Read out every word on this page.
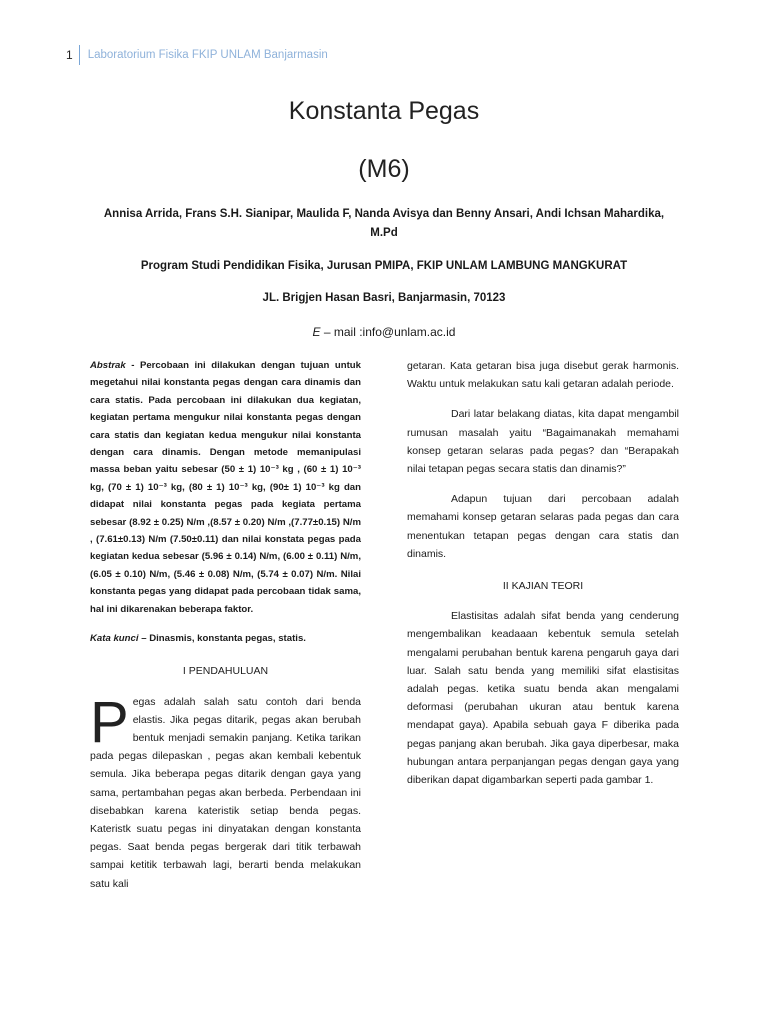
1 Laboratorium Fisika FKIP UNLAM Banjarmasin
Konstanta Pegas
(M6)
Annisa Arrida, Frans S.H. Sianipar, Maulida F, Nanda Avisya dan Benny Ansari, Andi Ichsan Mahardika, M.Pd
Program Studi Pendidikan Fisika, Jurusan PMIPA, FKIP UNLAM LAMBUNG MANGKURAT
JL. Brigjen Hasan Basri, Banjarmasin, 70123
E – mail :info@unlam.ac.id

Abstrak - Percobaan ini dilakukan dengan tujuan untuk megetahui nilai konstanta pegas dengan cara dinamis dan cara statis. Pada percobaan ini dilakukan dua kegiatan, kegiatan pertama mengukur nilai konstanta pegas dengan cara statis dan kegiatan kedua mengukur nilai konstanta dengan cara dinamis. Dengan metode memanipulasi massa beban yaitu sebesar (50 ± 1) 10⁻³ kg , (60 ± 1) 10⁻³ kg, (70 ± 1) 10⁻³ kg, (80 ± 1) 10⁻³ kg, (90± 1) 10⁻³ kg dan didapat nilai konstanta pegas pada kegiata pertama sebesar (8.92 ± 0.25) N/m ,(8.57 ± 0.20) N/m ,(7.77±0.15) N/m , (7.61±0.13) N/m (7.50±0.11) dan nilai konstata pegas pada kegiatan kedua sebesar (5.96 ± 0.14) N/m, (6.00 ± 0.11) N/m, (6.05 ± 0.10) N/m, (5.46 ± 0.08) N/m, (5.74 ± 0.07) N/m. Nilai konstanta pegas yang didapat pada percobaan tidak sama, hal ini dikarenakan beberapa faktor.

Kata kunci – Dinasmis, konstanta pegas, statis.

I PENDAHULUAN

Pegas adalah salah satu contoh dari benda elastis. Jika pegas ditarik, pegas akan berubah bentuk menjadi semakin panjang. Ketika tarikan pada pegas dilepaskan , pegas akan kembali kebentuk semula. Jika beberapa pegas ditarik dengan gaya yang sama, pertambahan pegas akan berbeda. Perbendaan ini disebabkan karena kateristik setiap benda pegas. Kateristk suatu pegas ini dinyatakan dengan konstanta pegas. Saat benda pegas bergerak dari titik terbawah sampai ketitik terbawah lagi, berarti benda melakukan satu kali

getaran. Kata getaran bisa juga disebut gerak harmonis. Waktu untuk melakukan satu kali getaran adalah periode.

Dari latar belakang diatas, kita dapat mengambil rumusan masalah yaitu “Bagaimanakah memahami konsep getaran selaras pada pegas? dan “Berapakah nilai tetapan pegas secara statis dan dinamis?”

Adapun tujuan dari percobaan adalah memahami konsep getaran selaras pada pegas dan cara menentukan tetapan pegas dengan cara statis dan dinamis.

II KAJIAN TEORI

Elastisitas adalah sifat benda yang cenderung mengembalikan keadaaan kebentuk semula setelah mengalami perubahan bentuk karena pengaruh gaya dari luar. Salah satu benda yang memiliki sifat elastisitas adalah pegas. ketika suatu benda akan mengalami deformasi (perubahan ukuran atau bentuk karena mendapat gaya). Apabila sebuah gaya F diberika pada pegas panjang akan berubah. Jika gaya diperbesar, maka hubungan antara perpanjangan pegas dengan gaya yang diberikan dapat digambarkan seperti pada gambar 1.
